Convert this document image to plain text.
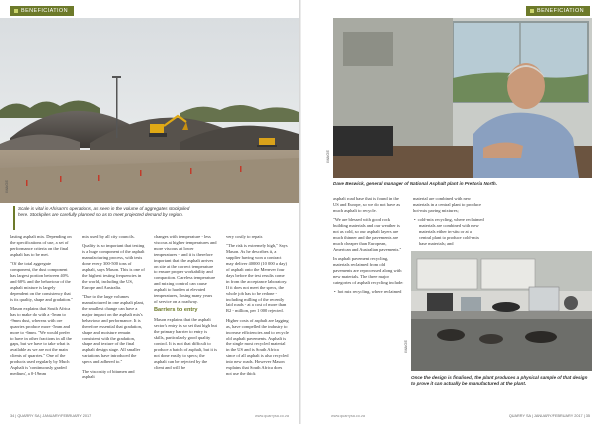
BENEFICIATION
IMAGE
Scale is vital in Afrisam's operations, as seen in the volume of aggregates stockpiled here. Stockpiles are carefully planned so as to meet projected demand by region.

lasting asphalt mix. Depending on the specifications of use, a set of performance criteria on the final asphalt has to be met.

"Of the total aggregate component, the dust component has largest portion between 40% and 60% and the behaviour of the asphalt mixture is largely dependent on the consistency that is its quality, shape and gradation."

Mason explains that South Africa has to make do with a -5mm to -9mm dust, whereas with ore quarries produce more -5mm and more to -6mm. "We would prefer to have in other fractions in all the gaps, but we have to take what is available as we are not the main clients of quarries." One of the products used regularly by Much Asphalt is 'continuously graded medium', a 0-19mm

mix used by all city councils.

Quality is so important that testing is a huge component of the asphalt manufacturing process, with tests done every 300-500 tons of asphalt, says Mason. This is one of the highest testing frequencies in the world, including the US, Europe and Australia.

"Due to the large volumes manufactured in one asphalt plant, the smallest change can have a major impact on the asphalt mix's behaviour and performance. It is therefore essential that gradation, shape and moisture remain consistent with the gradation, shape and texture of the final asphalt design stage. All smaller variations have introduced the specs and adhered to."

The viscosity of bitumen and asphalt

changes with temperature - less viscous at higher temperatures and more viscous at lower temperatures - and it is therefore important that the asphalt arrives on site at the correct temperature to ensure proper workability and compaction. Careless temperature and mixing control can cause asphalt to harden at elevated temperatures, losing many years of service on a roadway.

Barriers to entry

Mason explains that the asphalt sector's entry is so set that high but the primary barrier to entry is skills, particularly good quality control. It is not that difficult to produce a batch of asphalt, but it is not done easily to specs; the asphalt can be rejected by the client and will be

very costly to repair.

"The risk is extremely high," Says Mason. As he describes it, a supplier having won a contract may deliver 40000 (10 000 a day) of asphalt onto the Mernver four days before the test results come in from the acceptance laboratory. If it does not meet the specs, the whole job has to be redone - including milling of the recently laid roads - at a cost of more than R2 - million, per 1 000 rejected.

Higher costs of asphalt are lagging as, have compelled the industry to increase efficiencies and to recycle old asphalt pavements. Asphalt is the single most recycled material in the US and is South Africa since of all asphalt is also recycled into new roads. However Mason explains that South Africa does not use the thick

34 | QUARRY SA | JANUARY/FEBRUARY 2017	www.quarrysa.co.za
BENEFICIATION
IMAGE
Dave Beswick, general manager of National Asphalt plant in Pretoria North.

asphalt road base that is found in the US and Europe, so we do not have as much asphalt to recycle.

"We are blessed with good rock building materials and our weather is not as cold, so our asphalt layers are much thinner and the pavements are much cheaper than European, American and Australian pavements."

In asphalt pavement recycling, materials reclaimed from old pavements are reprocessed along with new materials. The three major categories of asphalt recycling include:

• hot mix recycling, where reclaimed

material are combined with new materials in a central plant to produce hot-mix paving mixtures;

• cold-mix recycling, where reclaimed materials are combined with new materials either in-situ or at a central plant to produce cold-mix base materials; and

•

IMAGE
Once the design is finalised, the plant produces a physical sample of that design to prove it can actually be manufactured at the plant.
QUARRY SA | JANUARY/FEBRUARY 2017 | 35
www.quarrysa.co.za
